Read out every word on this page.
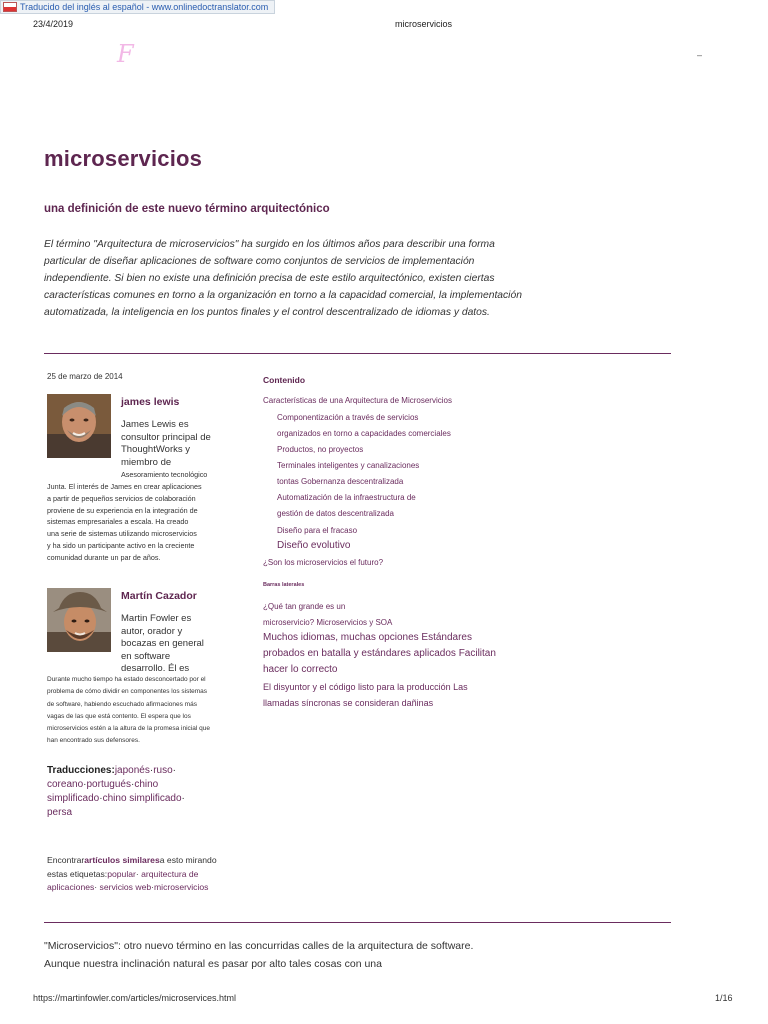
Traducido del inglés al español - www.onlinedoctranslator.com
23/4/2019	microservicios
F	–
microservicios
una definición de este nuevo término arquitectónico
El término "Arquitectura de microservicios" ha surgido en los últimos años para describir una forma particular de diseñar aplicaciones de software como conjuntos de servicios de implementación independiente. Si bien no existe una definición precisa de este estilo arquitectónico, existen ciertas características comunes en torno a la organización en torno a la capacidad comercial, la implementación automatizada, la inteligencia en los puntos finales y el control descentralizado de idiomas y datos.
25 de marzo de 2014
james lewis
James Lewis es
consultor principal de
ThoughtWorks y
miembro de
Asesoramiento tecnológico
Junta. El interés de James en crear aplicaciones
a partir de pequeños servicios de colaboración
proviene de su experiencia en la integración de
sistemas empresariales a escala. Ha creado
una serie de sistemas utilizando microservicios
y ha sido un participante activo en la creciente
comunidad durante un par de años.
Martín Cazador
Martin Fowler es
autor, orador y
bocazas en general
en software
desarrollo. Él es
Durante mucho tiempo ha estado desconcertado por el
problema de cómo dividir en componentes los sistemas
de software, habiendo escuchado afirmaciones más
vagas de las que está contento. El espera que los
microservicios estén a la altura de la promesa inicial que
han encontrado sus defensores.
Traducciones:japonés·ruso· coreano·portugués·chino simplificado·chino simplificado· persa
Encontrarartículos similaresa esto mirando estas etiquetas:popular· arquitectura de aplicaciones· servicios web·microservicios
Contenido
Características de una Arquitectura de Microservicios
Componentización a través de servicios
organizados en torno a capacidades comerciales
Productos, no proyectos
Terminales inteligentes y canalizaciones
tontas Gobernanza descentralizada
Automatización de la infraestructura de
gestión de datos descentralizada
Diseño para el fracaso
Diseño evolutivo
¿Son los microservicios el futuro?
Barras laterales
¿Qué tan grande es un
microservicio? Microservicios y SOA
Muchos idiomas, muchas opciones Estándares
probados en batalla y estándares aplicados Facilitan
hacer lo correcto
El disyuntor y el código listo para la producción Las
llamadas síncronas se consideran dañinas
"Microservicios": otro nuevo término en las concurridas calles de la arquitectura de software. Aunque nuestra inclinación natural es pasar por alto tales cosas con una
https://martinfowler.com/articles/microservices.html	1/16
